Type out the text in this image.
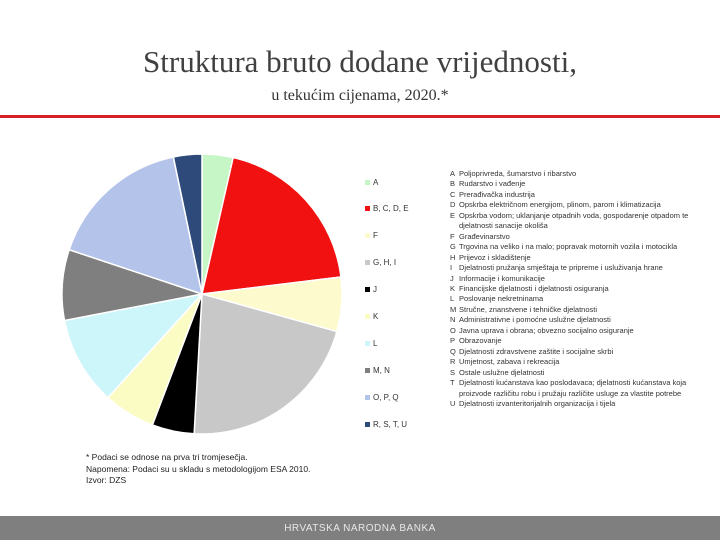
Struktura bruto dodane vrijednosti,
u tekućim cijenama, 2020.*
A
B, C, D, E
F
G, H, I
J
K
L
M, N
O, P, Q
R, S, T, U
A Poljoprivreda, šumarstvo i ribarstvo
B Rudarstvo i vađenje
C Prerađivačka industrija
D Opskrba električnom energijom, plinom, parom i klimatizacija
E Opskrba vodom; uklanjanje otpadnih voda, gospodarenje otpadom te djelatnosti sanacije okoliša
F Građevinarstvo
G Trgovina na veliko i na malo; popravak motornih vozila i motocikla
H Prijevoz i skladištenje
I Djelatnosti pružanja smještaja te pripreme i usluživanja hrane
J Informacije i komunikacije
K Financijske djelatnosti i djelatnosti osiguranja
L Poslovanje nekretninama
M Stručne, znanstvene i tehničke djelatnosti
N Administrativne i pomoćne uslužne djelatnosti
O Javna uprava i obrana; obvezno socijalno osiguranje
P Obrazovanje
Q Djelatnosti zdravstvene zaštite i socijalne skrbi
R Umjetnost, zabava i rekreacija
S Ostale uslužne djelatnosti
T Djelatnosti kućanstava kao poslodavaca; djelatnosti kućanstava koja proizvode različitu robu i pružaju različite usluge za vlastite potrebe
U Djelatnosti izvanteritorijalnih organizacija i tijela
* Podaci se odnose na prva tri tromjesečja.
Napomena: Podaci su u skladu s metodologijom ESA 2010.
Izvor: DZS
HRVATSKA NARODNA BANKA
